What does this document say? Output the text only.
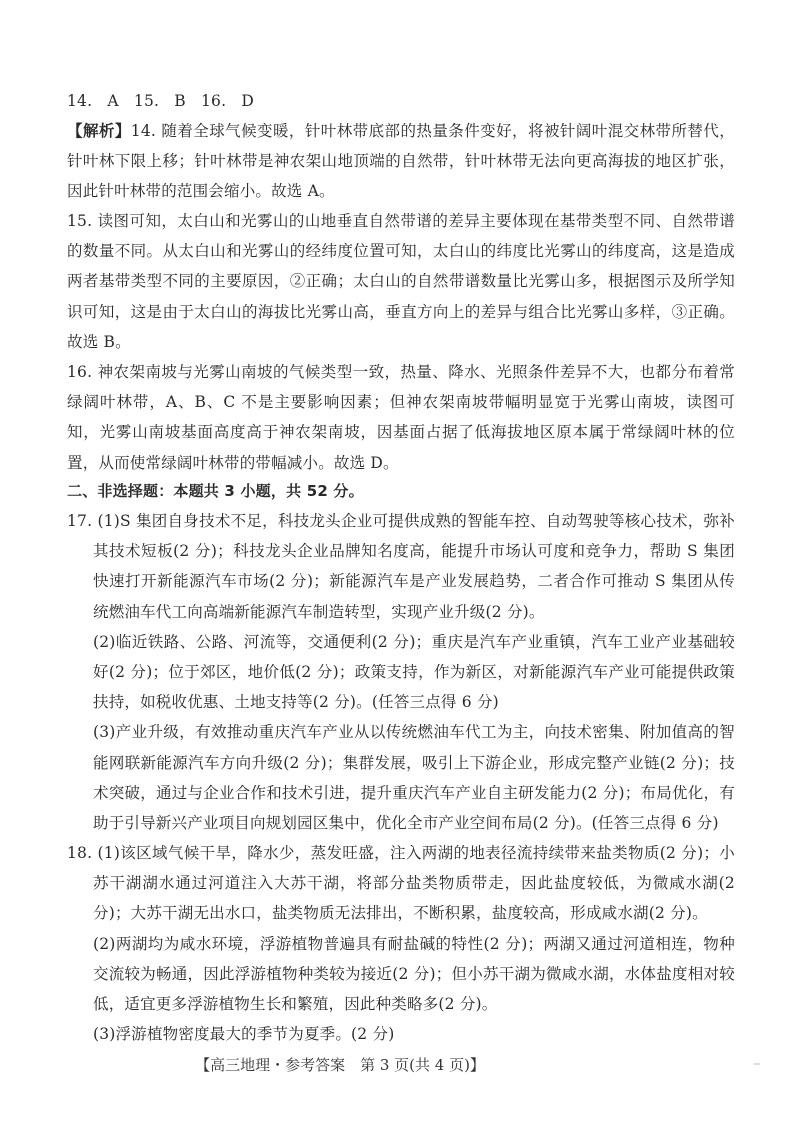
14. A 15. B 16. D

【解析】14. 随着全球气候变暖，针叶林带底部的热量条件变好，将被针阔叶混交林带所替代，针叶林下限上移；针叶林带是神农架山地顶端的自然带，针叶林带无法向更高海拔的地区扩张，因此针叶林带的范围会缩小。故选 A。

15. 读图可知，太白山和光雾山的山地垂直自然带谱的差异主要体现在基带类型不同、自然带谱的数量不同。从太白山和光雾山的经纬度位置可知，太白山的纬度比光雾山的纬度高，这是造成两者基带类型不同的主要原因，②正确；太白山的自然带谱数量比光雾山多，根据图示及所学知识可知，这是由于太白山的海拔比光雾山高，垂直方向上的差异与组合比光雾山多样，③正确。故选 B。

16. 神农架南坡与光雾山南坡的气候类型一致，热量、降水、光照条件差异不大，也都分布着常绿阔叶林带，A、B、C 不是主要影响因素；但神农架南坡带幅明显宽于光雾山南坡，读图可知，光雾山南坡基面高度高于神农架南坡，因基面占据了低海拔地区原本属于常绿阔叶林的位置，从而使常绿阔叶林带的带幅减小。故选 D。

二、非选择题：本题共 3 小题，共 52 分。

17. (1)S 集团自身技术不足，科技龙头企业可提供成熟的智能车控、自动驾驶等核心技术，弥补其技术短板(2 分)；科技龙头企业品牌知名度高，能提升市场认可度和竞争力，帮助 S 集团快速打开新能源汽车市场(2 分)；新能源汽车是产业发展趋势，二者合作可推动 S 集团从传统燃油车代工向高端新能源汽车制造转型，实现产业升级(2 分)。

(2)临近铁路、公路、河流等，交通便利(2 分)；重庆是汽车产业重镇，汽车工业产业基础较好(2 分)；位于郊区，地价低(2 分)；政策支持，作为新区，对新能源汽车产业可能提供政策扶持，如税收优惠、土地支持等(2 分)。(任答三点得 6 分)

(3)产业升级，有效推动重庆汽车产业从以传统燃油车代工为主，向技术密集、附加值高的智能网联新能源汽车方向升级(2 分)；集群发展，吸引上下游企业，形成完整产业链(2 分)；技术突破，通过与企业合作和技术引进，提升重庆汽车产业自主研发能力(2 分)；布局优化，有助于引导新兴产业项目向规划园区集中，优化全市产业空间布局(2 分)。(任答三点得 6 分)

18. (1)该区域气候干旱，降水少，蒸发旺盛，注入两湖的地表径流持续带来盐类物质(2 分)；小苏干湖湖水通过河道注入大苏干湖，将部分盐类物质带走，因此盐度较低，为微咸水湖(2 分)；大苏干湖无出水口，盐类物质无法排出，不断积累，盐度较高，形成咸水湖(2 分)。

(2)两湖均为咸水环境，浮游植物普遍具有耐盐碱的特性(2 分)；两湖又通过河道相连，物种交流较为畅通，因此浮游植物种类较为接近(2 分)；但小苏干湖为微咸水湖，水体盐度相对较低，适宜更多浮游植物生长和繁殖，因此种类略多(2 分)。

(3)浮游植物密度最大的季节为夏季。(2 分)

【高三地理・参考答案　第 3 页(共 4 页)】
